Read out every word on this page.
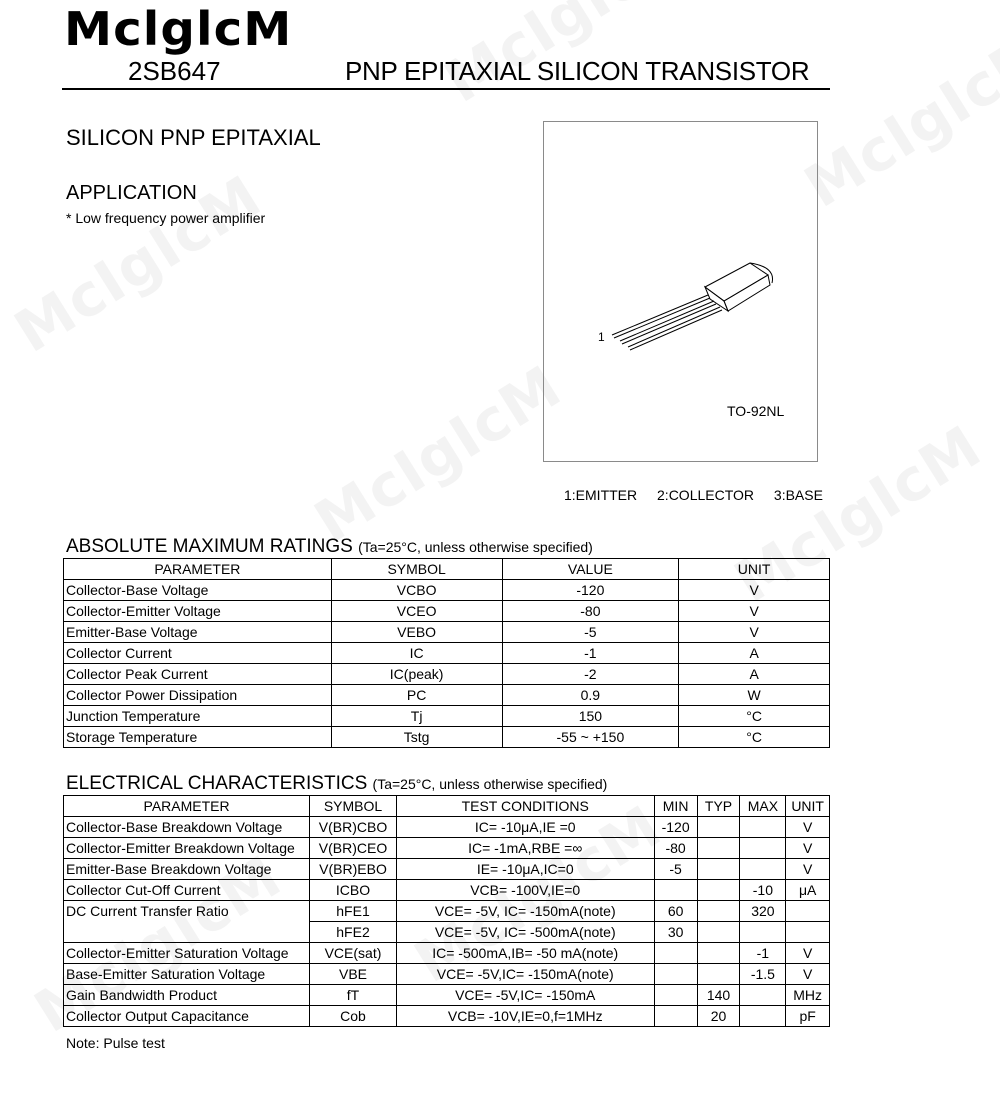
MclglcM
2SB647	PNP EPITAXIAL SILICON TRANSISTOR
SILICON PNP EPITAXIAL
APPLICATION
* Low frequency power amplifier
1
TO-92NL
1:EMITTER 2:COLLECTOR 3:BASE
ABSOLUTE MAXIMUM RATINGS (Ta=25°C, unless otherwise specified)
PARAMETER	SYMBOL	VALUE	UNIT
Collector-Base Voltage	VCBO	-120	V
Collector-Emitter Voltage	VCEO	-80	V
Emitter-Base Voltage	VEBO	-5	V
Collector Current	IC	-1	A
Collector Peak Current	IC(peak)	-2	A
Collector Power Dissipation	PC	0.9	W
Junction Temperature	Tj	150	°C
Storage Temperature	Tstg	-55 ~ +150	°C
ELECTRICAL CHARACTERISTICS (Ta=25°C, unless otherwise specified)
PARAMETER	SYMBOL	TEST CONDITIONS	MIN	TYP	MAX	UNIT
Collector-Base Breakdown Voltage	V(BR)CBO	IC= -10μA,IE =0	-120			V
Collector-Emitter Breakdown Voltage	V(BR)CEO	IC= -1mA,RBE =∞	-80			V
Emitter-Base Breakdown Voltage	V(BR)EBO	IE= -10μA,IC=0	-5			V
Collector Cut-Off Current	ICBO	VCB= -100V,IE=0			-10	μA
DC Current Transfer Ratio	hFE1	VCE= -5V, IC= -150mA(note)	60		320	
	hFE2	VCE= -5V, IC= -500mA(note)	30			
Collector-Emitter Saturation Voltage	VCE(sat)	IC= -500mA,IB= -50 mA(note)			-1	V
Base-Emitter Saturation Voltage	VBE	VCE= -5V,IC= -150mA(note)			-1.5	V
Gain Bandwidth Product	fT	VCE= -5V,IC= -150mA		140		MHz
Collector Output Capacitance	Cob	VCB= -10V,IE=0,f=1MHz		20		pF
Note: Pulse test
